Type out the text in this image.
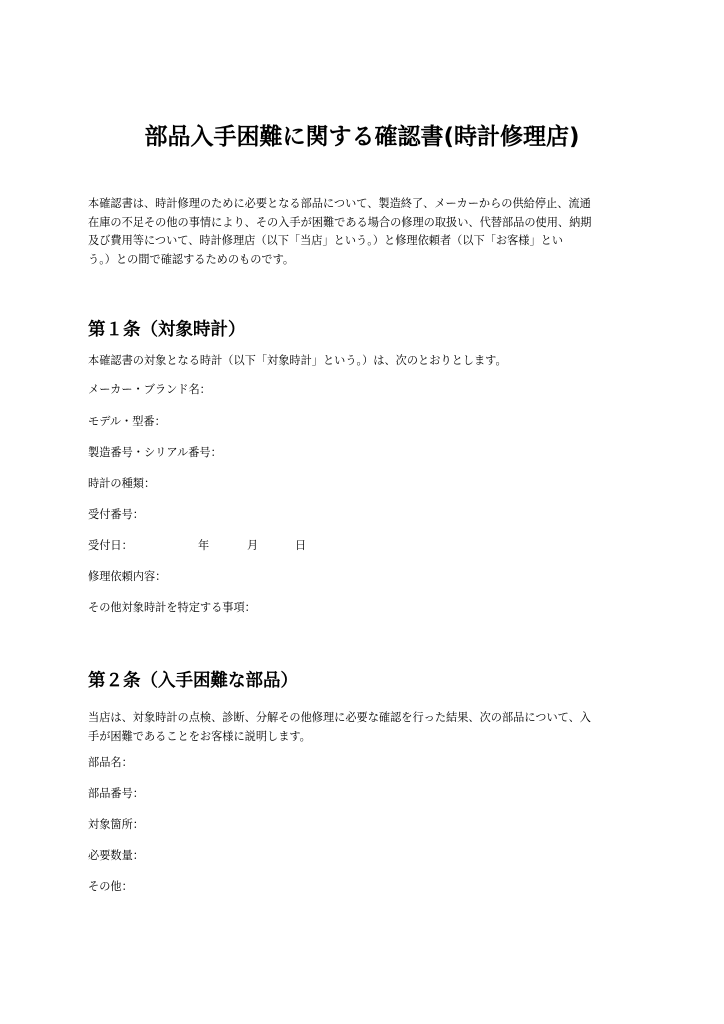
部品入手困難に関する確認書(時計修理店)

本確認書は、時計修理のために必要となる部品について、製造終了、メーカーからの供給停止、流通
在庫の不足その他の事情により、その入手が困難である場合の修理の取扱い、代替部品の使用、納期
及び費用等について、時計修理店（以下「当店」という。）と修理依頼者（以下「お客様」とい
う。）との間で確認するためのものです。

第１条（対象時計）

本確認書の対象となる時計（以下「対象時計」という。）は、次のとおりとします。

メーカー・ブランド名：
モデル・型番：
製造番号・シリアル番号：
時計の種類：
受付番号：
受付日：	年	月	日
修理依頼内容：
その他対象時計を特定する事項：
第２条（入手困難な部品）

当店は、対象時計の点検、診断、分解その他修理に必要な確認を行った結果、次の部品について、入
手が困難であることをお客様に説明します。

部品名：
部品番号：
対象箇所：
必要数量：
その他：
